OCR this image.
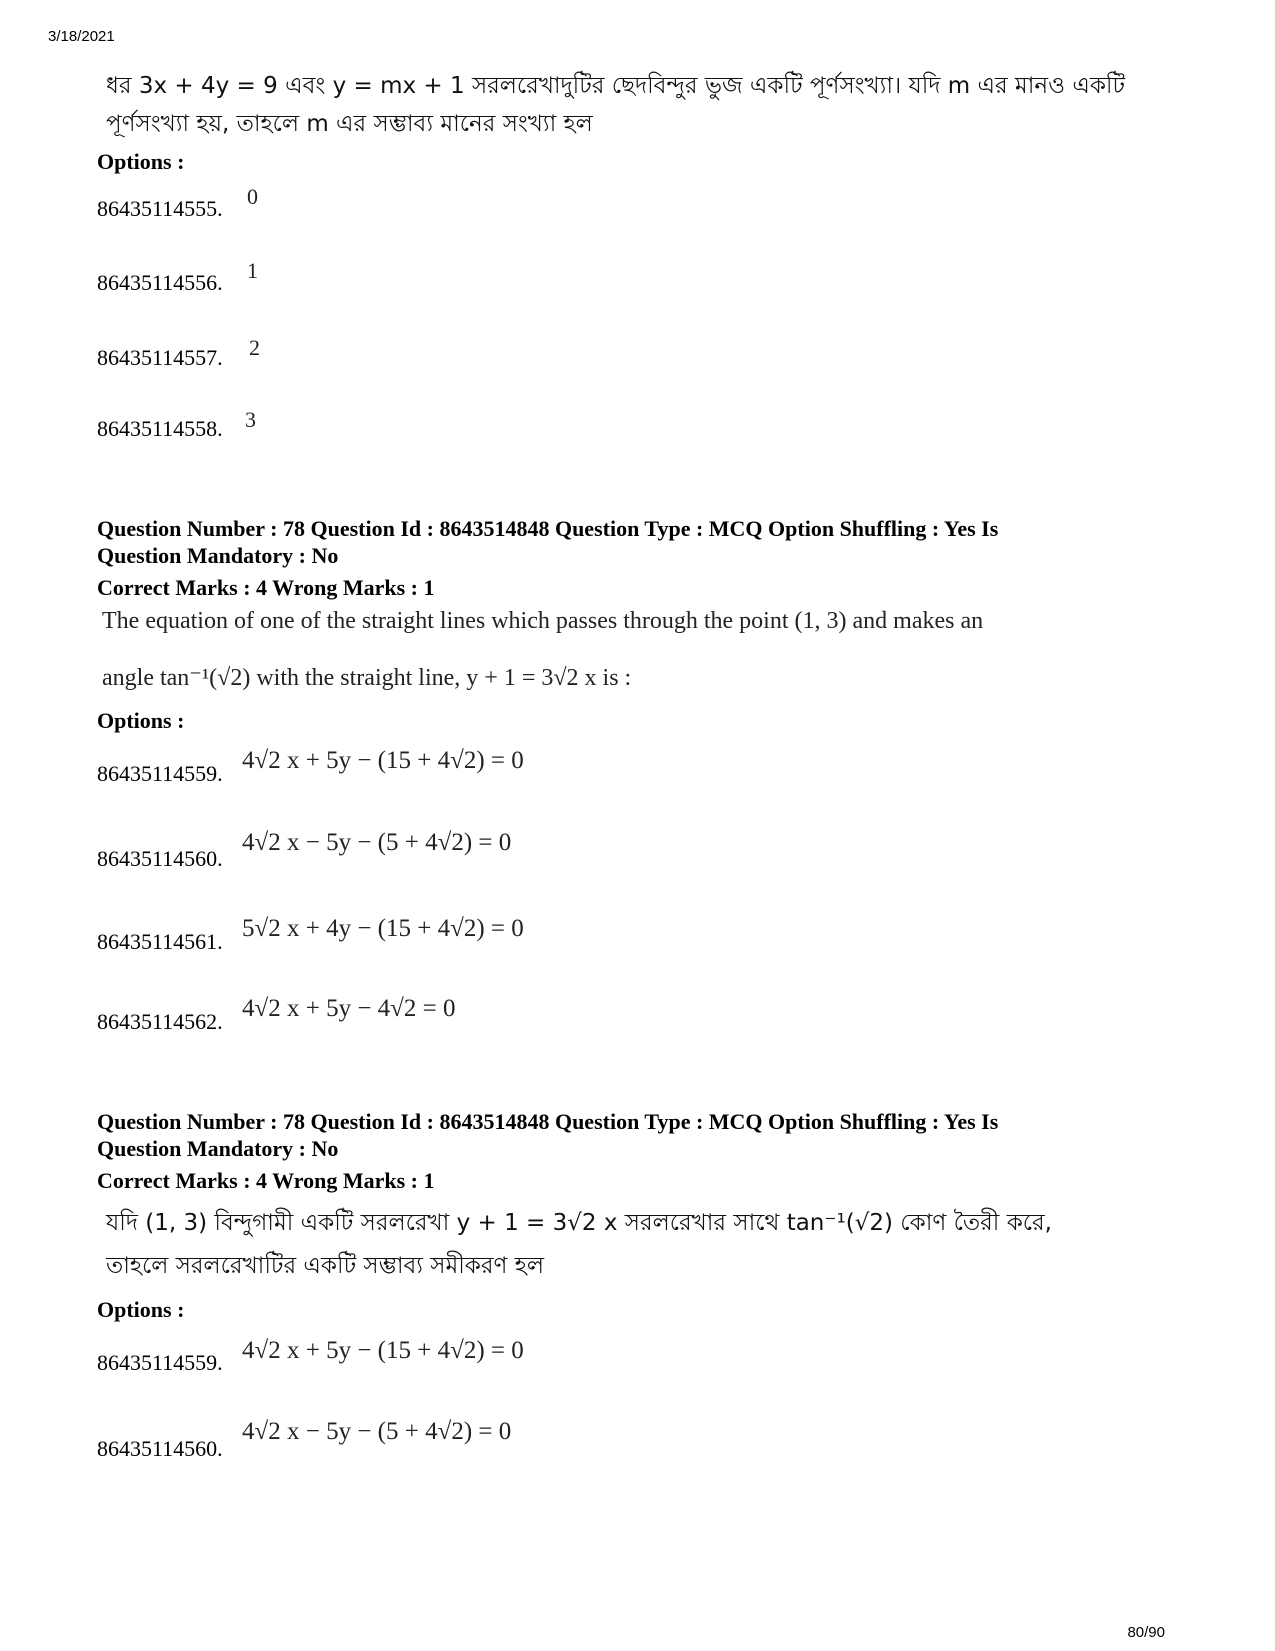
3/18/2021
ধর 3x + 4y = 9 এবং y = mx + 1 সরলরেখাদুটির ছেদবিন্দুর ভুজ একটি পূর্ণসংখ্যা। যদি m এর মানও একটি
পূর্ণসংখ্যা হয়, তাহলে m এর সম্ভাব্য মানের সংখ্যা হল
Options :
86435114555. 0
86435114556. 1
86435114557. 2
86435114558. 3
Question Number : 78 Question Id : 8643514848 Question Type : MCQ Option Shuffling : Yes Is
Question Mandatory : No
Correct Marks : 4 Wrong Marks : 1
The equation of one of the straight lines which passes through the point (1, 3) and makes an
angle tan⁻¹(√2) with the straight line, y + 1 = 3√2 x is :
Options :
86435114559. 4√2 x + 5y − (15 + 4√2) = 0
86435114560.
4√2 x − 5y − (5 + 4√2) = 0
86435114561. 5√2 x + 4y − (15 + 4√2) = 0
86435114562. 4√2 x + 5y − 4√2 = 0
Question Number : 78 Question Id : 8643514848 Question Type : MCQ Option Shuffling : Yes Is
Question Mandatory : No
Correct Marks : 4 Wrong Marks : 1
যদি (1, 3) বিন্দুগামী একটি সরলরেখা y + 1 = 3√2 x সরলরেখার সাথে tan⁻¹(√2) কোণ তৈরী করে,
তাহলে সরলরেখাটির একটি সম্ভাব্য সমীকরণ হল
Options :
86435114559. 4√2 x + 5y − (15 + 4√2) = 0
86435114560.
4√2 x − 5y − (5 + 4√2) = 0
80/90
